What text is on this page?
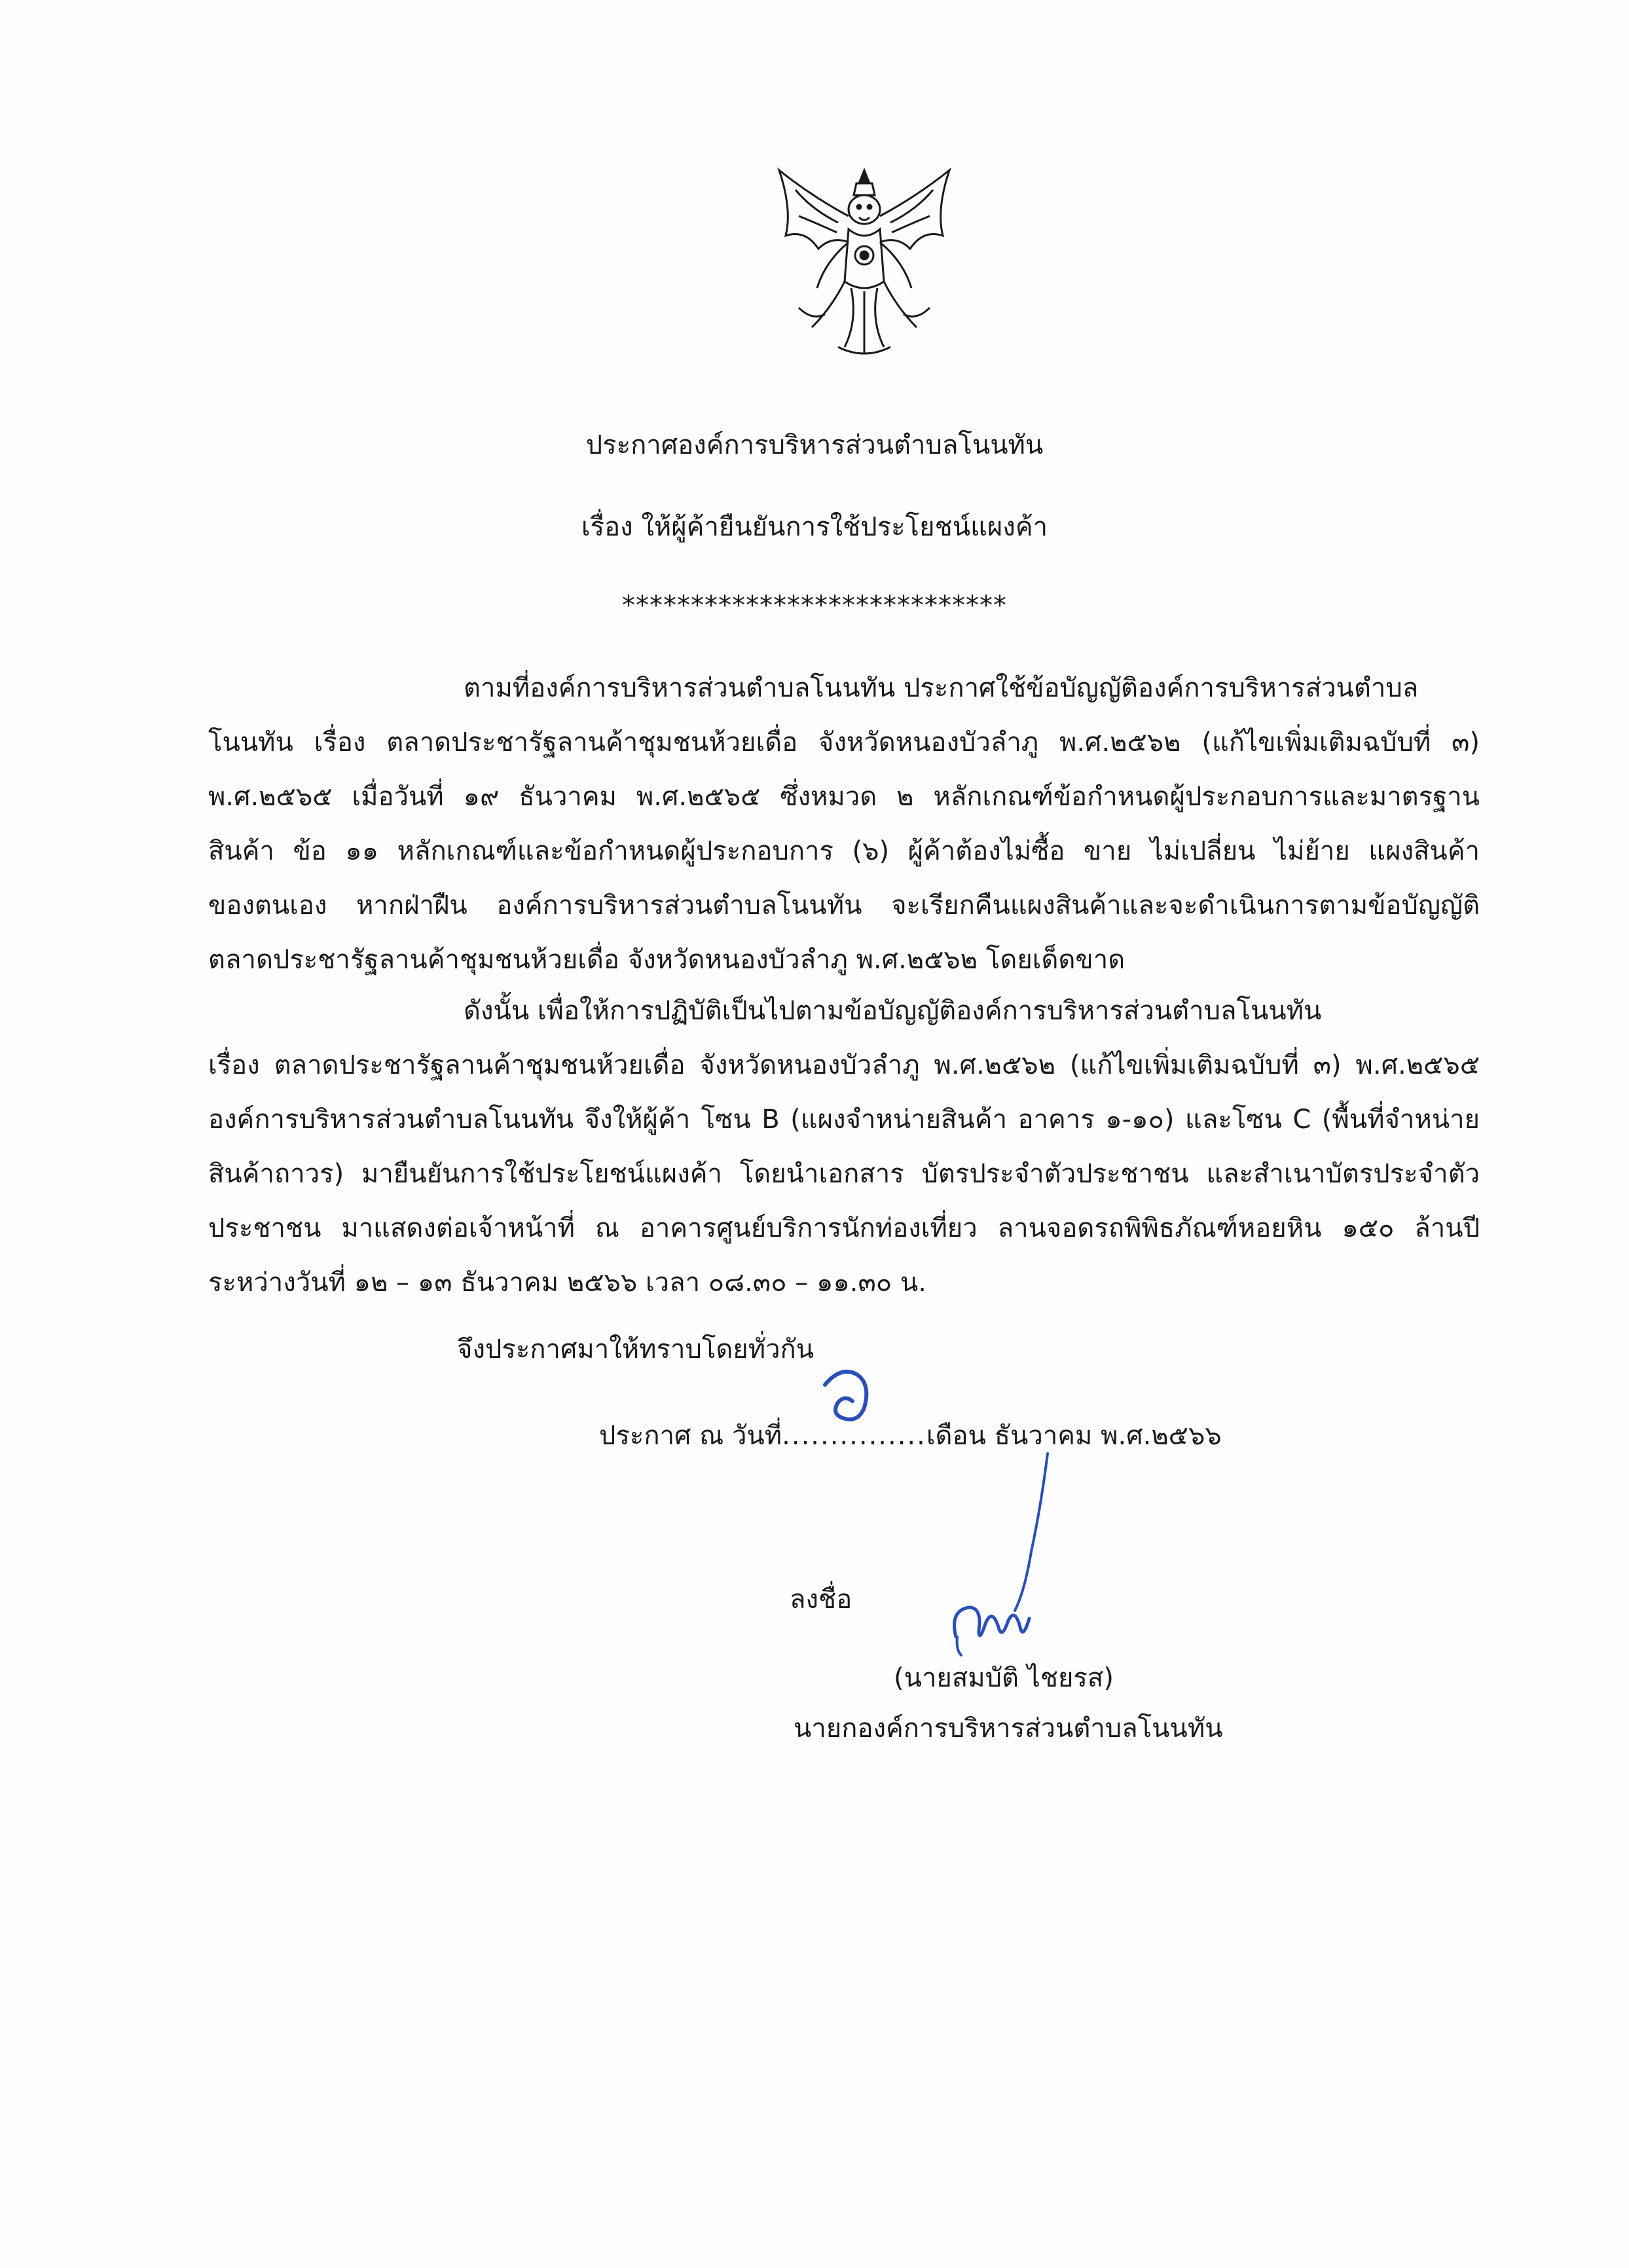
ประกาศองค์การบริหารส่วนตำบลโนนทัน
เรื่อง ให้ผู้ค้ายืนยันการใช้ประโยชน์แผงค้า
****************************
ตามที่องค์การบริหารส่วนตำบลโนนทัน ประกาศใช้ข้อบัญญัติองค์การบริหารส่วนตำบล
โนนทัน เรื่อง ตลาดประชารัฐลานค้าชุมชนห้วยเดื่อ จังหวัดหนองบัวลำภู พ.ศ.๒๕๖๒ (แก้ไขเพิ่มเติมฉบับที่ ๓)
พ.ศ.๒๕๖๕ เมื่อวันที่ ๑๙ ธันวาคม พ.ศ.๒๕๖๕ ซึ่งหมวด ๒ หลักเกณฑ์ข้อกำหนดผู้ประกอบการและมาตรฐาน
สินค้า ข้อ ๑๑ หลักเกณฑ์และข้อกำหนดผู้ประกอบการ (๖) ผู้ค้าต้องไม่ซื้อ ขาย ไม่เปลี่ยน ไม่ย้าย แผงสินค้า
ของตนเอง หากฝ่าฝืน องค์การบริหารส่วนตำบลโนนทัน จะเรียกคืนแผงสินค้าและจะดำเนินการตามข้อบัญญัติ
ตลาดประชารัฐลานค้าชุมชนห้วยเดื่อ จังหวัดหนองบัวลำภู พ.ศ.๒๕๖๒ โดยเด็ดขาด
ดังนั้น เพื่อให้การปฏิบัติเป็นไปตามข้อบัญญัติองค์การบริหารส่วนตำบลโนนทัน
เรื่อง ตลาดประชารัฐลานค้าชุมชนห้วยเดื่อ จังหวัดหนองบัวลำภู พ.ศ.๒๕๖๒ (แก้ไขเพิ่มเติมฉบับที่ ๓) พ.ศ.๒๕๖๕
องค์การบริหารส่วนตำบลโนนทัน จึงให้ผู้ค้า โซน B (แผงจำหน่ายสินค้า อาคาร ๑-๑๐) และโซน C (พื้นที่จำหน่าย
สินค้าถาวร) มายืนยันการใช้ประโยชน์แผงค้า โดยนำเอกสาร บัตรประจำตัวประชาชน และสำเนาบัตรประจำตัว
ประชาชน มาแสดงต่อเจ้าหน้าที่ ณ อาคารศูนย์บริการนักท่องเที่ยว ลานจอดรถพิพิธภัณฑ์หอยหิน ๑๕๐ ล้านปี
ระหว่างวันที่ ๑๒ – ๑๓ ธันวาคม ๒๕๖๖ เวลา ๐๘.๓๐ – ๑๑.๓๐ น.
จึงประกาศมาให้ทราบโดยทั่วกัน
ประกาศ ณ วันที่...............เดือน ธันวาคม พ.ศ.๒๕๖๖
ลงชื่อ
(นายสมบัติ ไชยรส)
นายกองค์การบริหารส่วนตำบลโนนทัน
